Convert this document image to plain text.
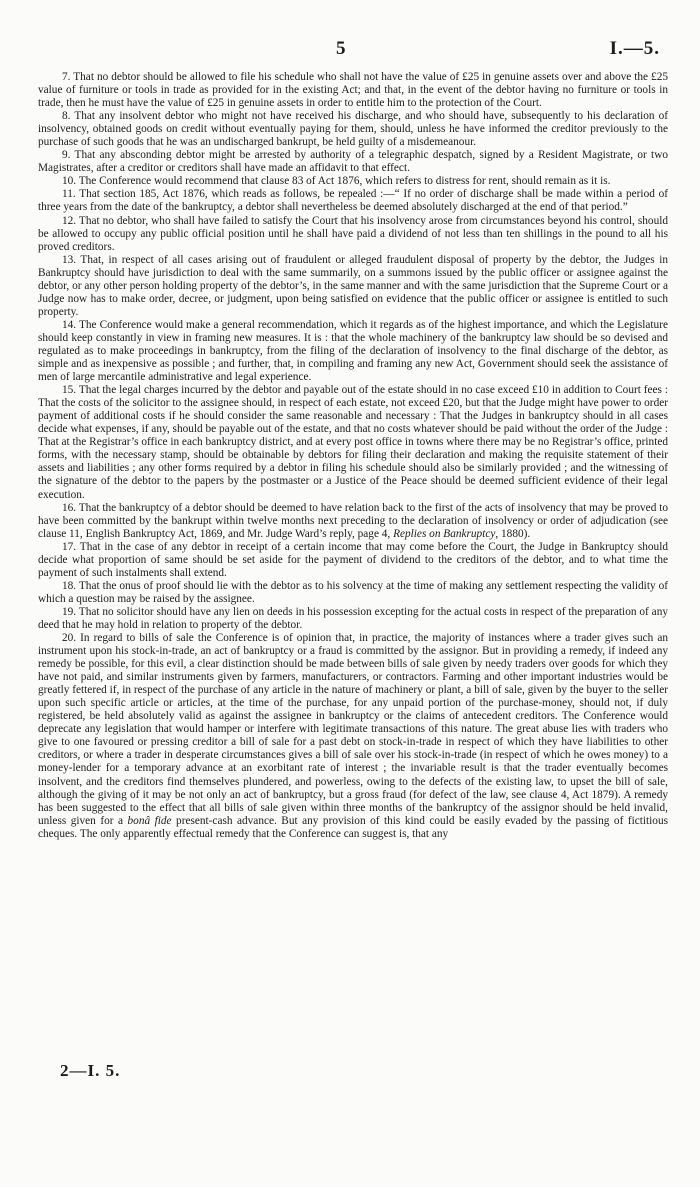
5	I.—5.

7. That no debtor should be allowed to file his schedule who shall not have the value of £25 in genuine assets over and above the £25 value of furniture or tools in trade as provided for in the existing Act; and that, in the event of the debtor having no furniture or tools in trade, then he must have the value of £25 in genuine assets in order to entitle him to the protection of the Court.

8. That any insolvent debtor who might not have received his discharge, and who should have, subsequently to his declaration of insolvency, obtained goods on credit without eventually paying for them, should, unless he have informed the creditor previously to the purchase of such goods that he was an undischarged bankrupt, be held guilty of a misdemeanour.

9. That any absconding debtor might be arrested by authority of a telegraphic despatch, signed by a Resident Magistrate, or two Magistrates, after a creditor or creditors shall have made an affidavit to that effect.

10. The Conference would recommend that clause 83 of Act 1876, which refers to distress for rent, should remain as it is.

11. That section 185, Act 1876, which reads as follows, be repealed :—“ If no order of discharge shall be made within a period of three years from the date of the bankruptcy, a debtor shall nevertheless be deemed absolutely discharged at the end of that period.”

12. That no debtor, who shall have failed to satisfy the Court that his insolvency arose from circumstances beyond his control, should be allowed to occupy any public official position until he shall have paid a dividend of not less than ten shillings in the pound to all his proved creditors.

13. That, in respect of all cases arising out of fraudulent or alleged fraudulent disposal of property by the debtor, the Judges in Bankruptcy should have jurisdiction to deal with the same summarily, on a summons issued by the public officer or assignee against the debtor, or any other person holding property of the debtor’s, in the same manner and with the same jurisdiction that the Supreme Court or a Judge now has to make order, decree, or judgment, upon being satisfied on evidence that the public officer or assignee is entitled to such property.

14. The Conference would make a general recommendation, which it regards as of the highest importance, and which the Legislature should keep constantly in view in framing new measures. It is : that the whole machinery of the bankruptcy law should be so devised and regulated as to make proceedings in bankruptcy, from the filing of the declaration of insolvency to the final discharge of the debtor, as simple and as inexpensive as possible ; and further, that, in compiling and framing any new Act, Government should seek the assistance of men of large mercantile administrative and legal experience.

15. That the legal charges incurred by the debtor and payable out of the estate should in no case exceed £10 in addition to Court fees : That the costs of the solicitor to the assignee should, in respect of each estate, not exceed £20, but that the Judge might have power to order payment of additional costs if he should consider the same reasonable and necessary : That the Judges in bankruptcy should in all cases decide what expenses, if any, should be payable out of the estate, and that no costs whatever should be paid without the order of the Judge : That at the Registrar’s office in each bankruptcy district, and at every post office in towns where there may be no Registrar’s office, printed forms, with the necessary stamp, should be obtainable by debtors for filing their declaration and making the requisite statement of their assets and liabilities ; any other forms required by a debtor in filing his schedule should also be similarly provided ; and the witnessing of the signature of the debtor to the papers by the postmaster or a Justice of the Peace should be deemed sufficient evidence of their legal execution.

16. That the bankruptcy of a debtor should be deemed to have relation back to the first of the acts of insolvency that may be proved to have been committed by the bankrupt within twelve months next preceding to the declaration of insolvency or order of adjudication (see clause 11, English Bankruptcy Act, 1869, and Mr. Judge Ward’s reply, page 4, Replies on Bankruptcy, 1880).

17. That in the case of any debtor in receipt of a certain income that may come before the Court, the Judge in Bankruptcy should decide what proportion of same should be set aside for the payment of dividend to the creditors of the debtor, and to what time the payment of such instalments shall extend.

18. That the onus of proof should lie with the debtor as to his solvency at the time of making any settlement respecting the validity of which a question may be raised by the assignee.

19. That no solicitor should have any lien on deeds in his possession excepting for the actual costs in respect of the preparation of any deed that he may hold in relation to property of the debtor.

20. In regard to bills of sale the Conference is of opinion that, in practice, the majority of instances where a trader gives such an instrument upon his stock-in-trade, an act of bankruptcy or a fraud is committed by the assignor. But in providing a remedy, if indeed any remedy be possible, for this evil, a clear distinction should be made between bills of sale given by needy traders over goods for which they have not paid, and similar instruments given by farmers, manufacturers, or contractors. Farming and other important industries would be greatly fettered if, in respect of the purchase of any article in the nature of machinery or plant, a bill of sale, given by the buyer to the seller upon such specific article or articles, at the time of the purchase, for any unpaid portion of the purchase-money, should not, if duly registered, be held absolutely valid as against the assignee in bankruptcy or the claims of antecedent creditors. The Conference would deprecate any legislation that would hamper or interfere with legitimate transactions of this nature. The great abuse lies with traders who give to one favoured or pressing creditor a bill of sale for a past debt on stock-in-trade in respect of which they have liabilities to other creditors, or where a trader in desperate circumstances gives a bill of sale over his stock-in-trade (in respect of which he owes money) to a money-lender for a temporary advance at an exorbitant rate of interest ; the invariable result is that the trader eventually becomes insolvent, and the creditors find themselves plundered, and powerless, owing to the defects of the existing law, to upset the bill of sale, although the giving of it may be not only an act of bankruptcy, but a gross fraud (for defect of the law, see clause 4, Act 1879). A remedy has been suggested to the effect that all bills of sale given within three months of the bankruptcy of the assignor should be held invalid, unless given for a bonâ fide present-cash advance. But any provision of this kind could be easily evaded by the passing of fictitious cheques. The only apparently effectual remedy that the Conference can suggest is, that any

2—I. 5.
